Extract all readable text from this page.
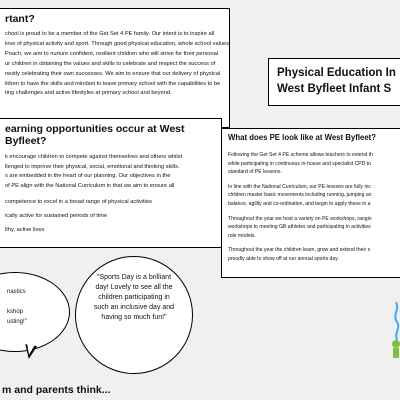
rtant?
chool is proud to be a member of the Get Set 4 PE family. Our intent is to inspire all
love of physical activity and sport. Through good physical education, whole school values
Poach, we aim to nurture confident, resilient children who will strive for their personal
ur children in obtaining the values and skills to celebrate and respect the success of
nestly celebrating their own successes. We aim to ensure that our delivery of physical
ildren to have the skills and mindset to leave primary school with the capabilities to be
ting challenges and active lifestyles at primary school and beyond.
earning opportunities occur at West Byfleet?
k encourage children to compete against themselves and others whilst
llenged to improve their physical, social, emotional and thinking skills.
s are embedded in the heart of our planning. Our objectives in the
of PE align with the National Curriculum in that we aim to ensure all
competence to excel in a broad range of physical activities
ically active for sustained periods of time
lthy, active lives
Physical Education In
West Byfleet Infant S
What does PE look like at West Byfleet?
Following the Get Set 4 PE scheme allows teachers to extend th
while participating in continuous in-house and specialist CPD to
standard of PE lessons.
In line with the National Curriculum, our PE lessons are fully inc
children master basic movements including running, jumping an
balance, agility and co-ordination, and begin to apply these in a
Throughout the year we host a variety on PE workshops, rangin
workshops to meeting GB athletes and participating in activities
role models.
Throughout the year the children learn, grow and extend their s
proudly able to show off at our annual sports day.
nastics

kshop
usting!"
"Sports Day is a brilliant
day! Lovely to see all the
children participating in
such an inclusive day and
having so much fun!"
m and parents think...
